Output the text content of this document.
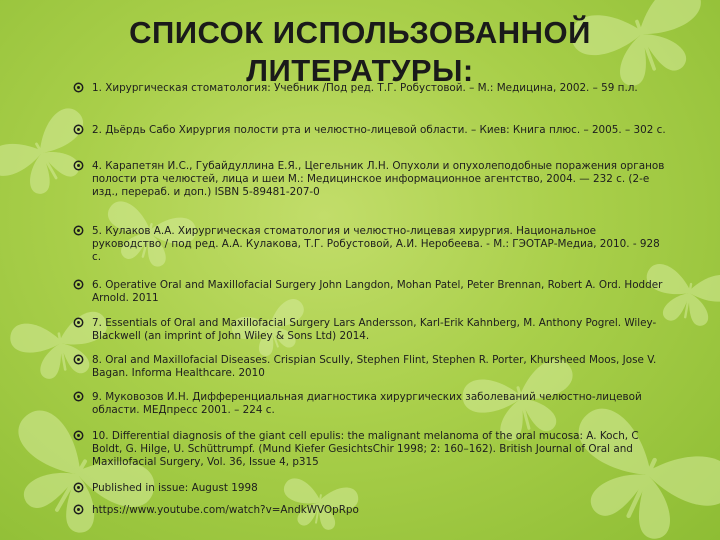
СПИСОК ИСПОЛЬЗОВАННОЙ
ЛИТЕРАТУРЫ:
1. Хирургическая стоматология: Учебник /Под ред. Т.Г. Робустовой. – М.: Медицина, 2002. – 59 п.л.
2. Дьёрдь Сабо Хирургия полости рта и челюстно-лицевой области. – Киев: Книга плюс. – 2005. – 302 с.
4. Карапетян И.С., Губайдуллина Е.Я., Цегельник Л.Н. Опухоли и опухолеподобные поражения органов полости рта челюстей, лица и шеи М.: Медицинское информационное агентство, 2004. — 232 с. (2-е изд., перераб. и доп.) ISBN 5-89481-207-0
5. Кулаков А.А. Хирургическая стоматология и челюстно-лицевая хирургия. Национальное руководство / под ред. А.А. Кулакова, Т.Г. Робустовой, А.И. Неробеева. - М.: ГЭОТАР-Медиа, 2010. - 928 с.
6. Operative Oral and Maxillofacial Surgery John Langdon, Mohan Patel, Peter Brennan, Robert A. Ord. Hodder Arnold. 2011
7. Essentials of Oral and Maxillofacial Surgery Lars Andersson, Karl-Erik Kahnberg, M. Anthony Pogrel. Wiley-Blackwell (an imprint of John Wiley & Sons Ltd) 2014.
8. Oral and Maxillofacial Diseases. Crispian Scully, Stephen Flint, Stephen R. Porter, Khursheed Moos, Jose V. Bagan. Informa Healthcare. 2010
9. Муковозов И.Н. Дифференциальная диагностика хирургических заболеваний челюстно-лицевой области. МЕДпресс 2001. – 224 с.
10. Differential diagnosis of the giant cell epulis: the malignant melanoma of the oral mucosa: A. Koch, C Boldt, G. Hilge, U. Schüttrumpf. (Mund Kiefer GesichtsChir 1998; 2: 160–162). British Journal of Oral and Maxillofacial Surgery, Vol. 36, Issue 4, p315
Published in issue: August 1998
https://www.youtube.com/watch?v=AndkWVOpRpo
